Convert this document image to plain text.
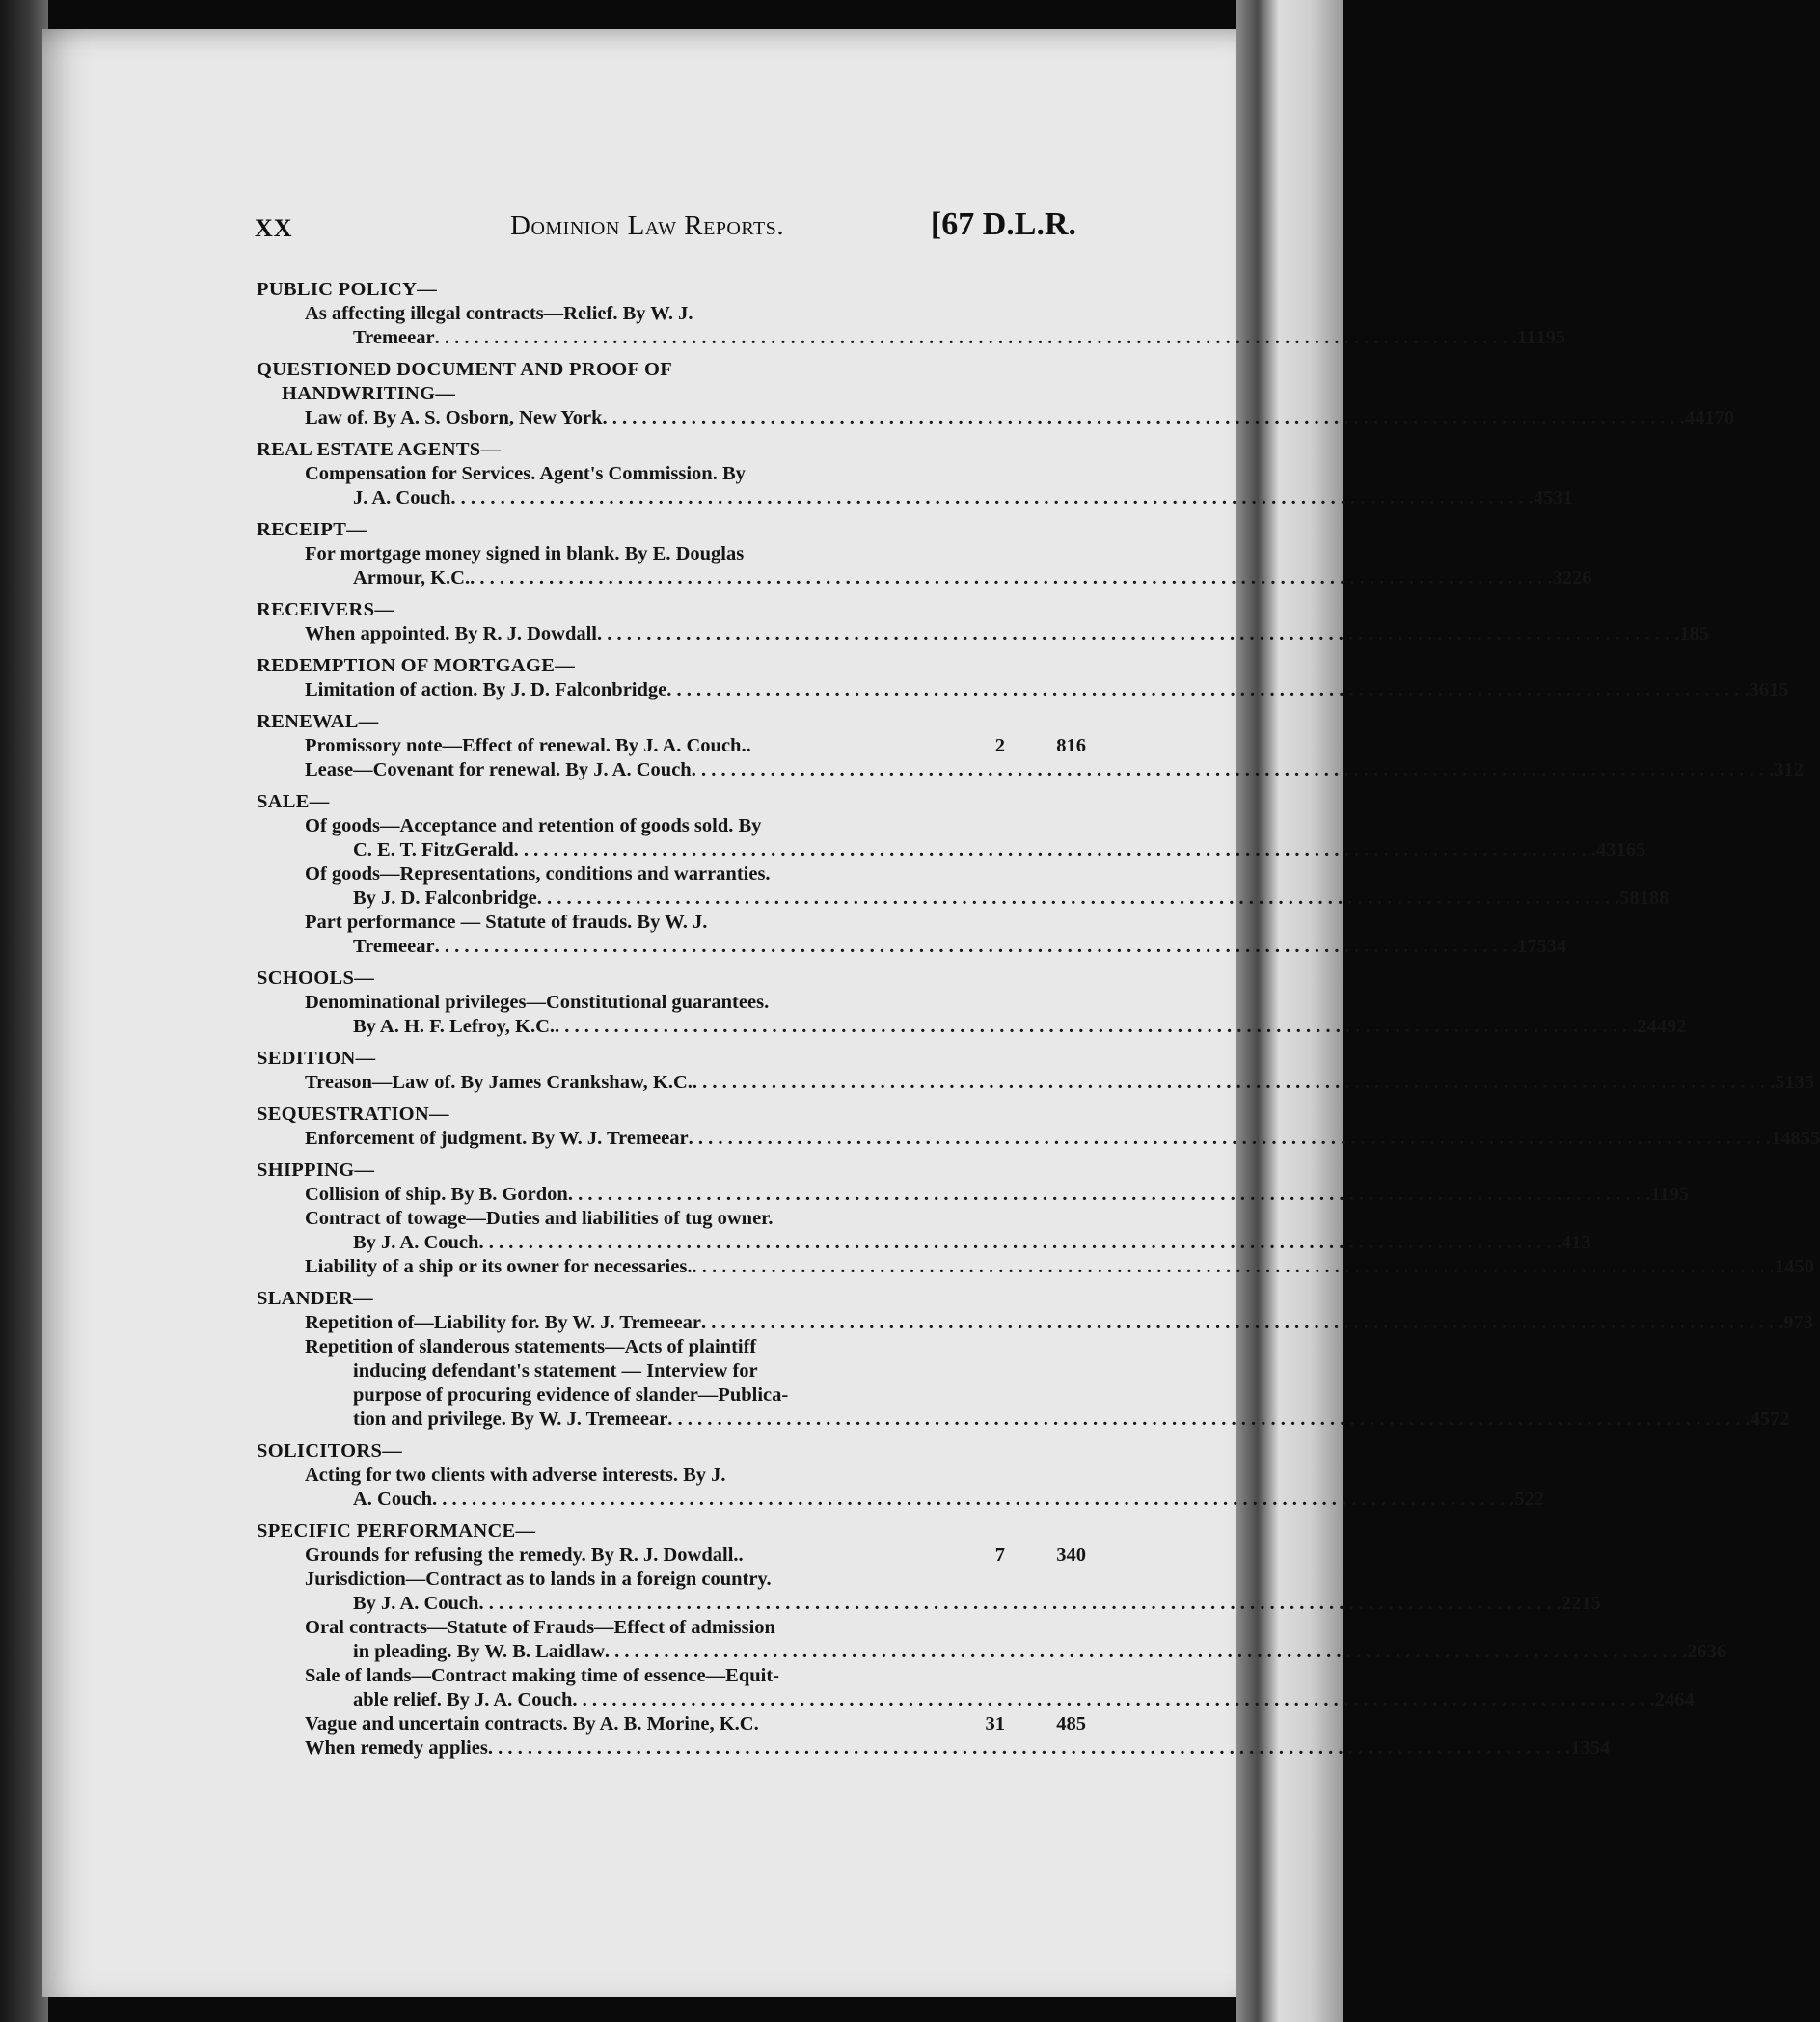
XX	Dominion Law Reports.	[67 D.L.R.
PUBLIC POLICY—
As affecting illegal contracts—Relief. By W. J.
Tremeear . . .	11 195
QUESTIONED DOCUMENT AND PROOF OF
HANDWRITING—
Law of. By A. S. Osborn, New York . . .	44 170
REAL ESTATE AGENTS—
Compensation for Services. Agent's Commission. By
J. A. Couch . . .	4 531
RECEIPT—
For mortgage money signed in blank. By E. Douglas
Armour, K.C. . . .	32 26
RECEIVERS—
When appointed. By R. J. Dowdall . . .	18 5
REDEMPTION OF MORTGAGE—
Limitation of action. By J. D. Falconbridge . . .	36 15
RENEWAL—
Promissory note—Effect of renewal. By J. A. Couch..	2	816
Lease—Covenant for renewal. By J. A. Couch . . .	3 12
SALE—
Of goods—Acceptance and retention of goods sold. By
C. E. T. FitzGerald . . .	43 165
Of goods—Representations, conditions and warranties.
By J. D. Falconbridge . . .	58 188
Part performance — Statute of frauds. By W. J.
Tremeear . . .	17 534
SCHOOLS—
Denominational privileges—Constitutional guarantees.
By A. H. F. Lefroy, K.C. . . .	24 492
SEDITION—
Treason—Law of. By James Crankshaw, K.C. . . .	51 35
SEQUESTRATION—
Enforcement of judgment. By W. J. Tremeear . . .	14 855
SHIPPING—
Collision of ship. By B. Gordon . . .	11 95
Contract of towage—Duties and liabilities of tug owner.
By J. A. Couch . . .	4 13
Liability of a ship or its owner for necessaries. . . .	1 450
SLANDER—
Repetition of—Liability for. By W. J. Tremeear . . .	9 73
Repetition of slanderous statements—Acts of plaintiff
inducing defendant's statement — Interview for
purpose of procuring evidence of slander—Publica-
tion and privilege. By W. J. Tremeear . . .	4 572
SOLICITORS—
Acting for two clients with adverse interests. By J.
A. Couch . . .	5 22
SPECIFIC PERFORMANCE—
Grounds for refusing the remedy. By R. J. Dowdall..	7	340
Jurisdiction—Contract as to lands in a foreign country.
By J. A. Couch . . .	2 215
Oral contracts—Statute of Frauds—Effect of admission
in pleading. By W. B. Laidlaw . . .	2 636
Sale of lands—Contract making time of essence—Equit-
able relief. By J. A. Couch . . .	2 464
Vague and uncertain contracts. By A. B. Morine, K.C.	31	485
When remedy applies . . .	1 354
